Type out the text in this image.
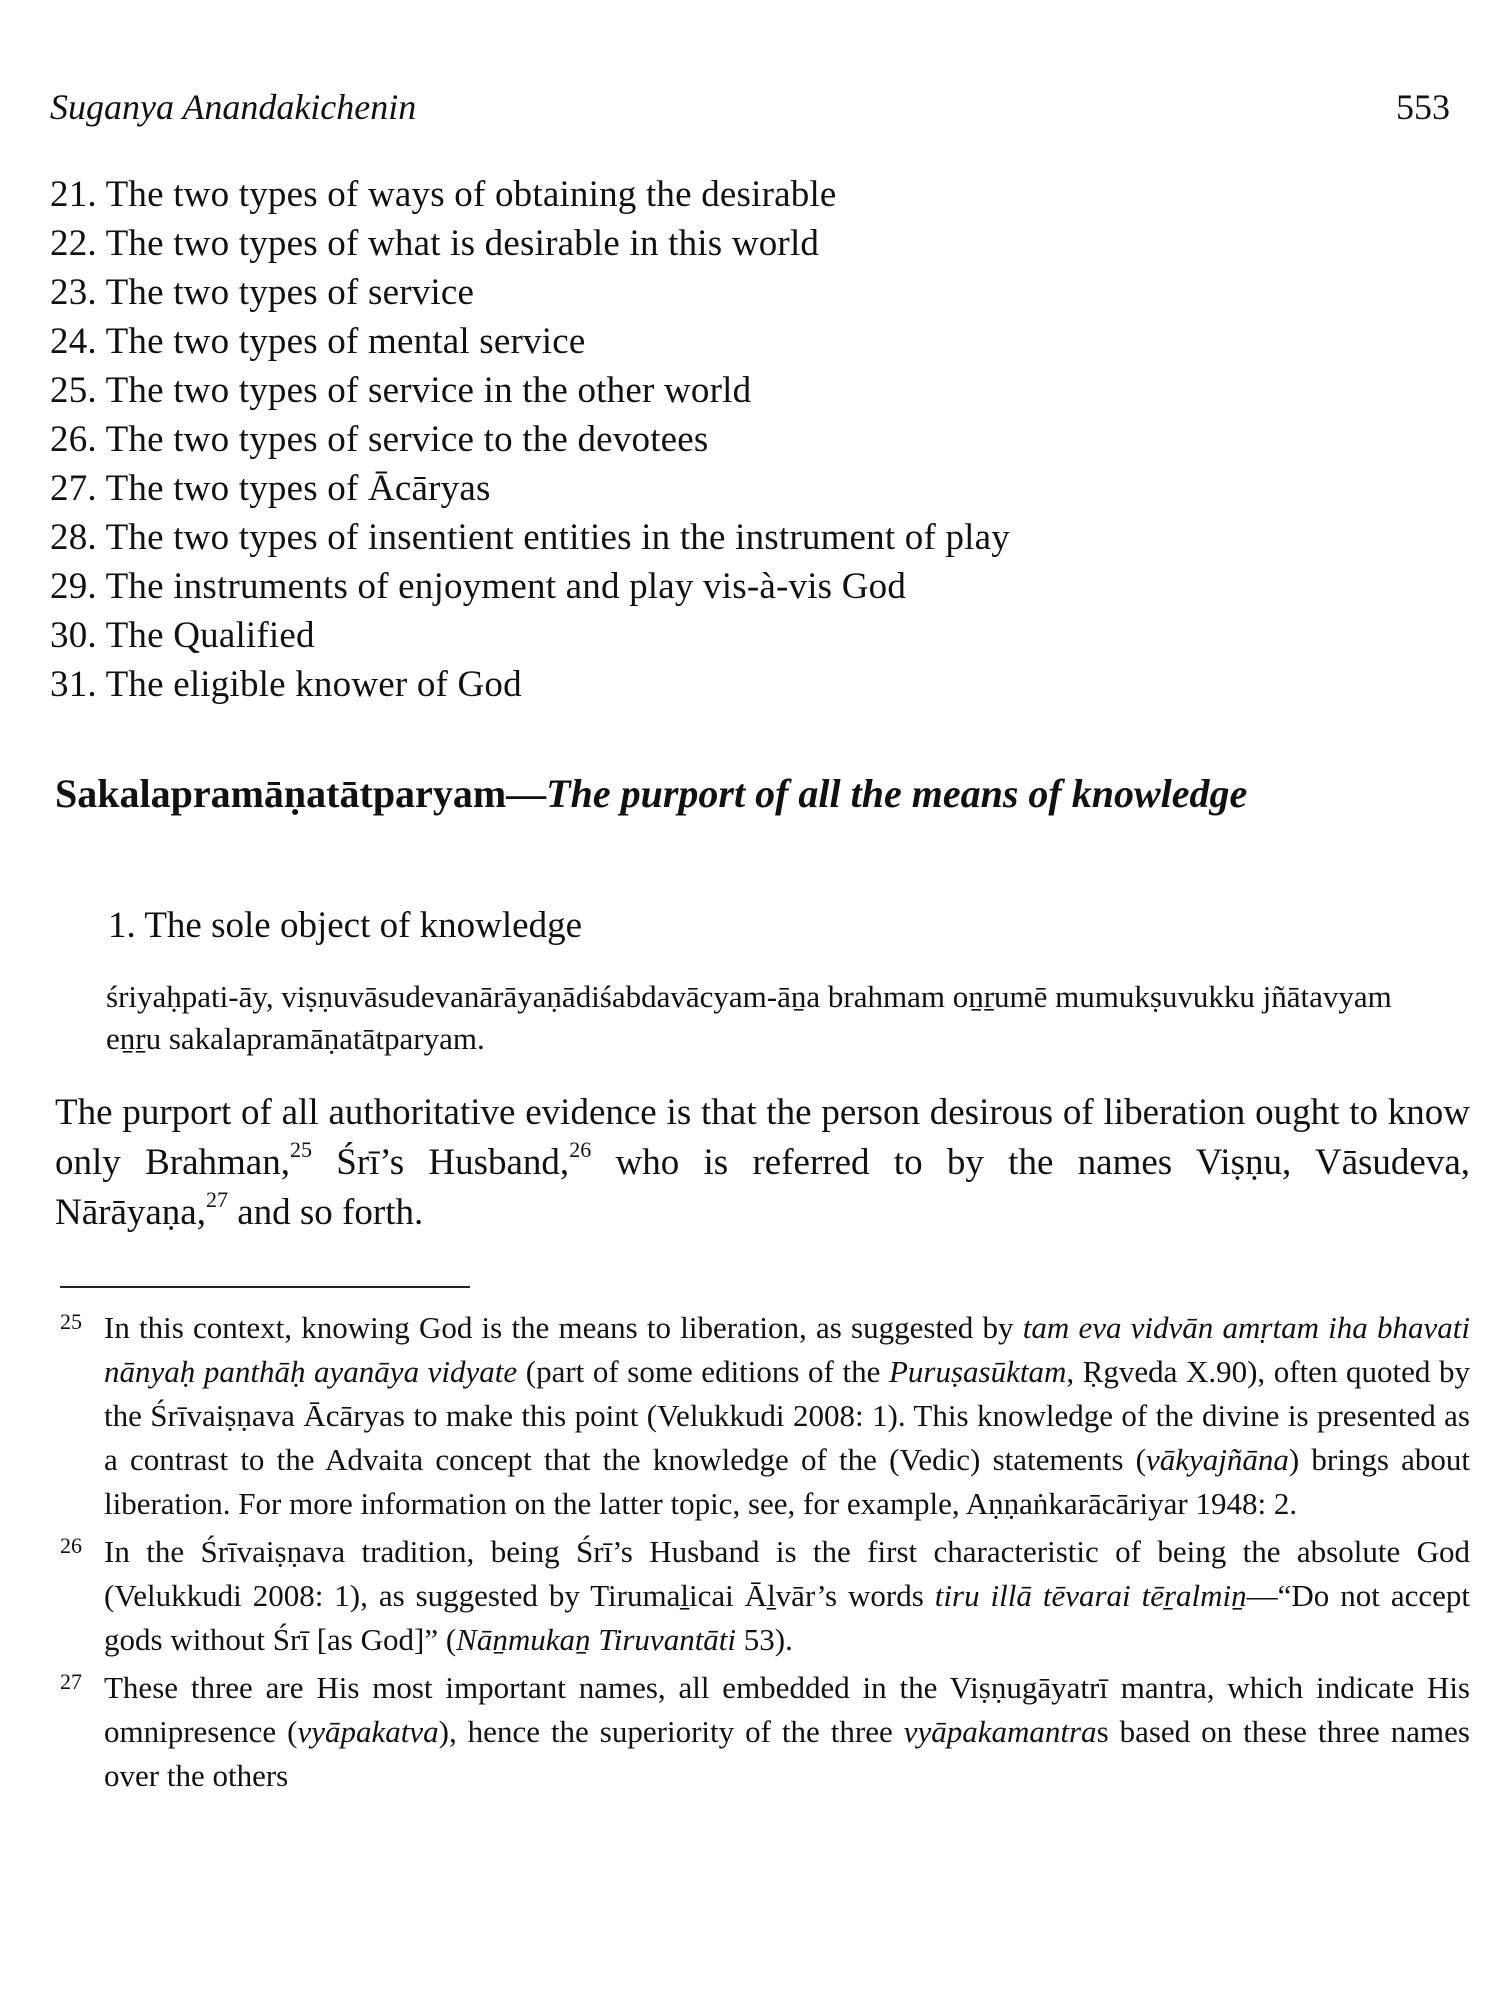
Suganya Anandakichenin	553
21. The two types of ways of obtaining the desirable
22. The two types of what is desirable in this world
23. The two types of service
24. The two types of mental service
25. The two types of service in the other world
26. The two types of service to the devotees
27. The two types of Ācāryas
28. The two types of insentient entities in the instrument of play
29. The instruments of enjoyment and play vis-à-vis God
30. The Qualified
31. The eligible knower of God
Sakalapramāṇatātparyam—The purport of all the means of knowledge
1. The sole object of knowledge
śriyaḥpati-āy, viṣṇuvāsudevanārāyaṇādiśabdavācyam-āṉa brahmam oṉṟumē mumukṣuvukku jñātavyam eṉṟu sakalapramāṇatātparyam.
The purport of all authoritative evidence is that the person desirous of liberation ought to know only Brahman,$^{25}$ Śrī’s Husband,$^{26}$ who is referred to by the names Viṣṇu, Vāsudeva, Nārāyaṇa,$^{27}$ and so forth.
25 In this context, knowing God is the means to liberation, as suggested by tam eva vidvān amṛtam iha bhavati nānyaḥ panthāḥ ayanāya vidyate (part of some editions of the Puruṣasūktam, Ṛgveda X.90), often quoted by the Śrīvaiṣṇava Ācāryas to make this point (Velukkudi 2008: 1). This knowledge of the divine is presented as a contrast to the Advaita concept that the knowledge of the (Vedic) statements (vākyajñāna) brings about liberation. For more information on the latter topic, see, for example, Aṇṇaṅkarācāriyar 1948: 2.
26 In the Śrīvaiṣṇava tradition, being Śrī’s Husband is the first characteristic of being the absolute God (Velukkudi 2008: 1), as suggested by Tirumaḻicai Āḻvār’s words tiru illā tēvarai tēṟalmiṉ—“Do not accept gods without Śrī [as God]” (Nāṉmukaṉ Tiruvantāti 53).
27 These three are His most important names, all embedded in the Viṣṇugāyatrī mantra, which indicate His omnipresence (vyāpakatva), hence the superiority of the three vyāpakamantras based on these three names over the others
